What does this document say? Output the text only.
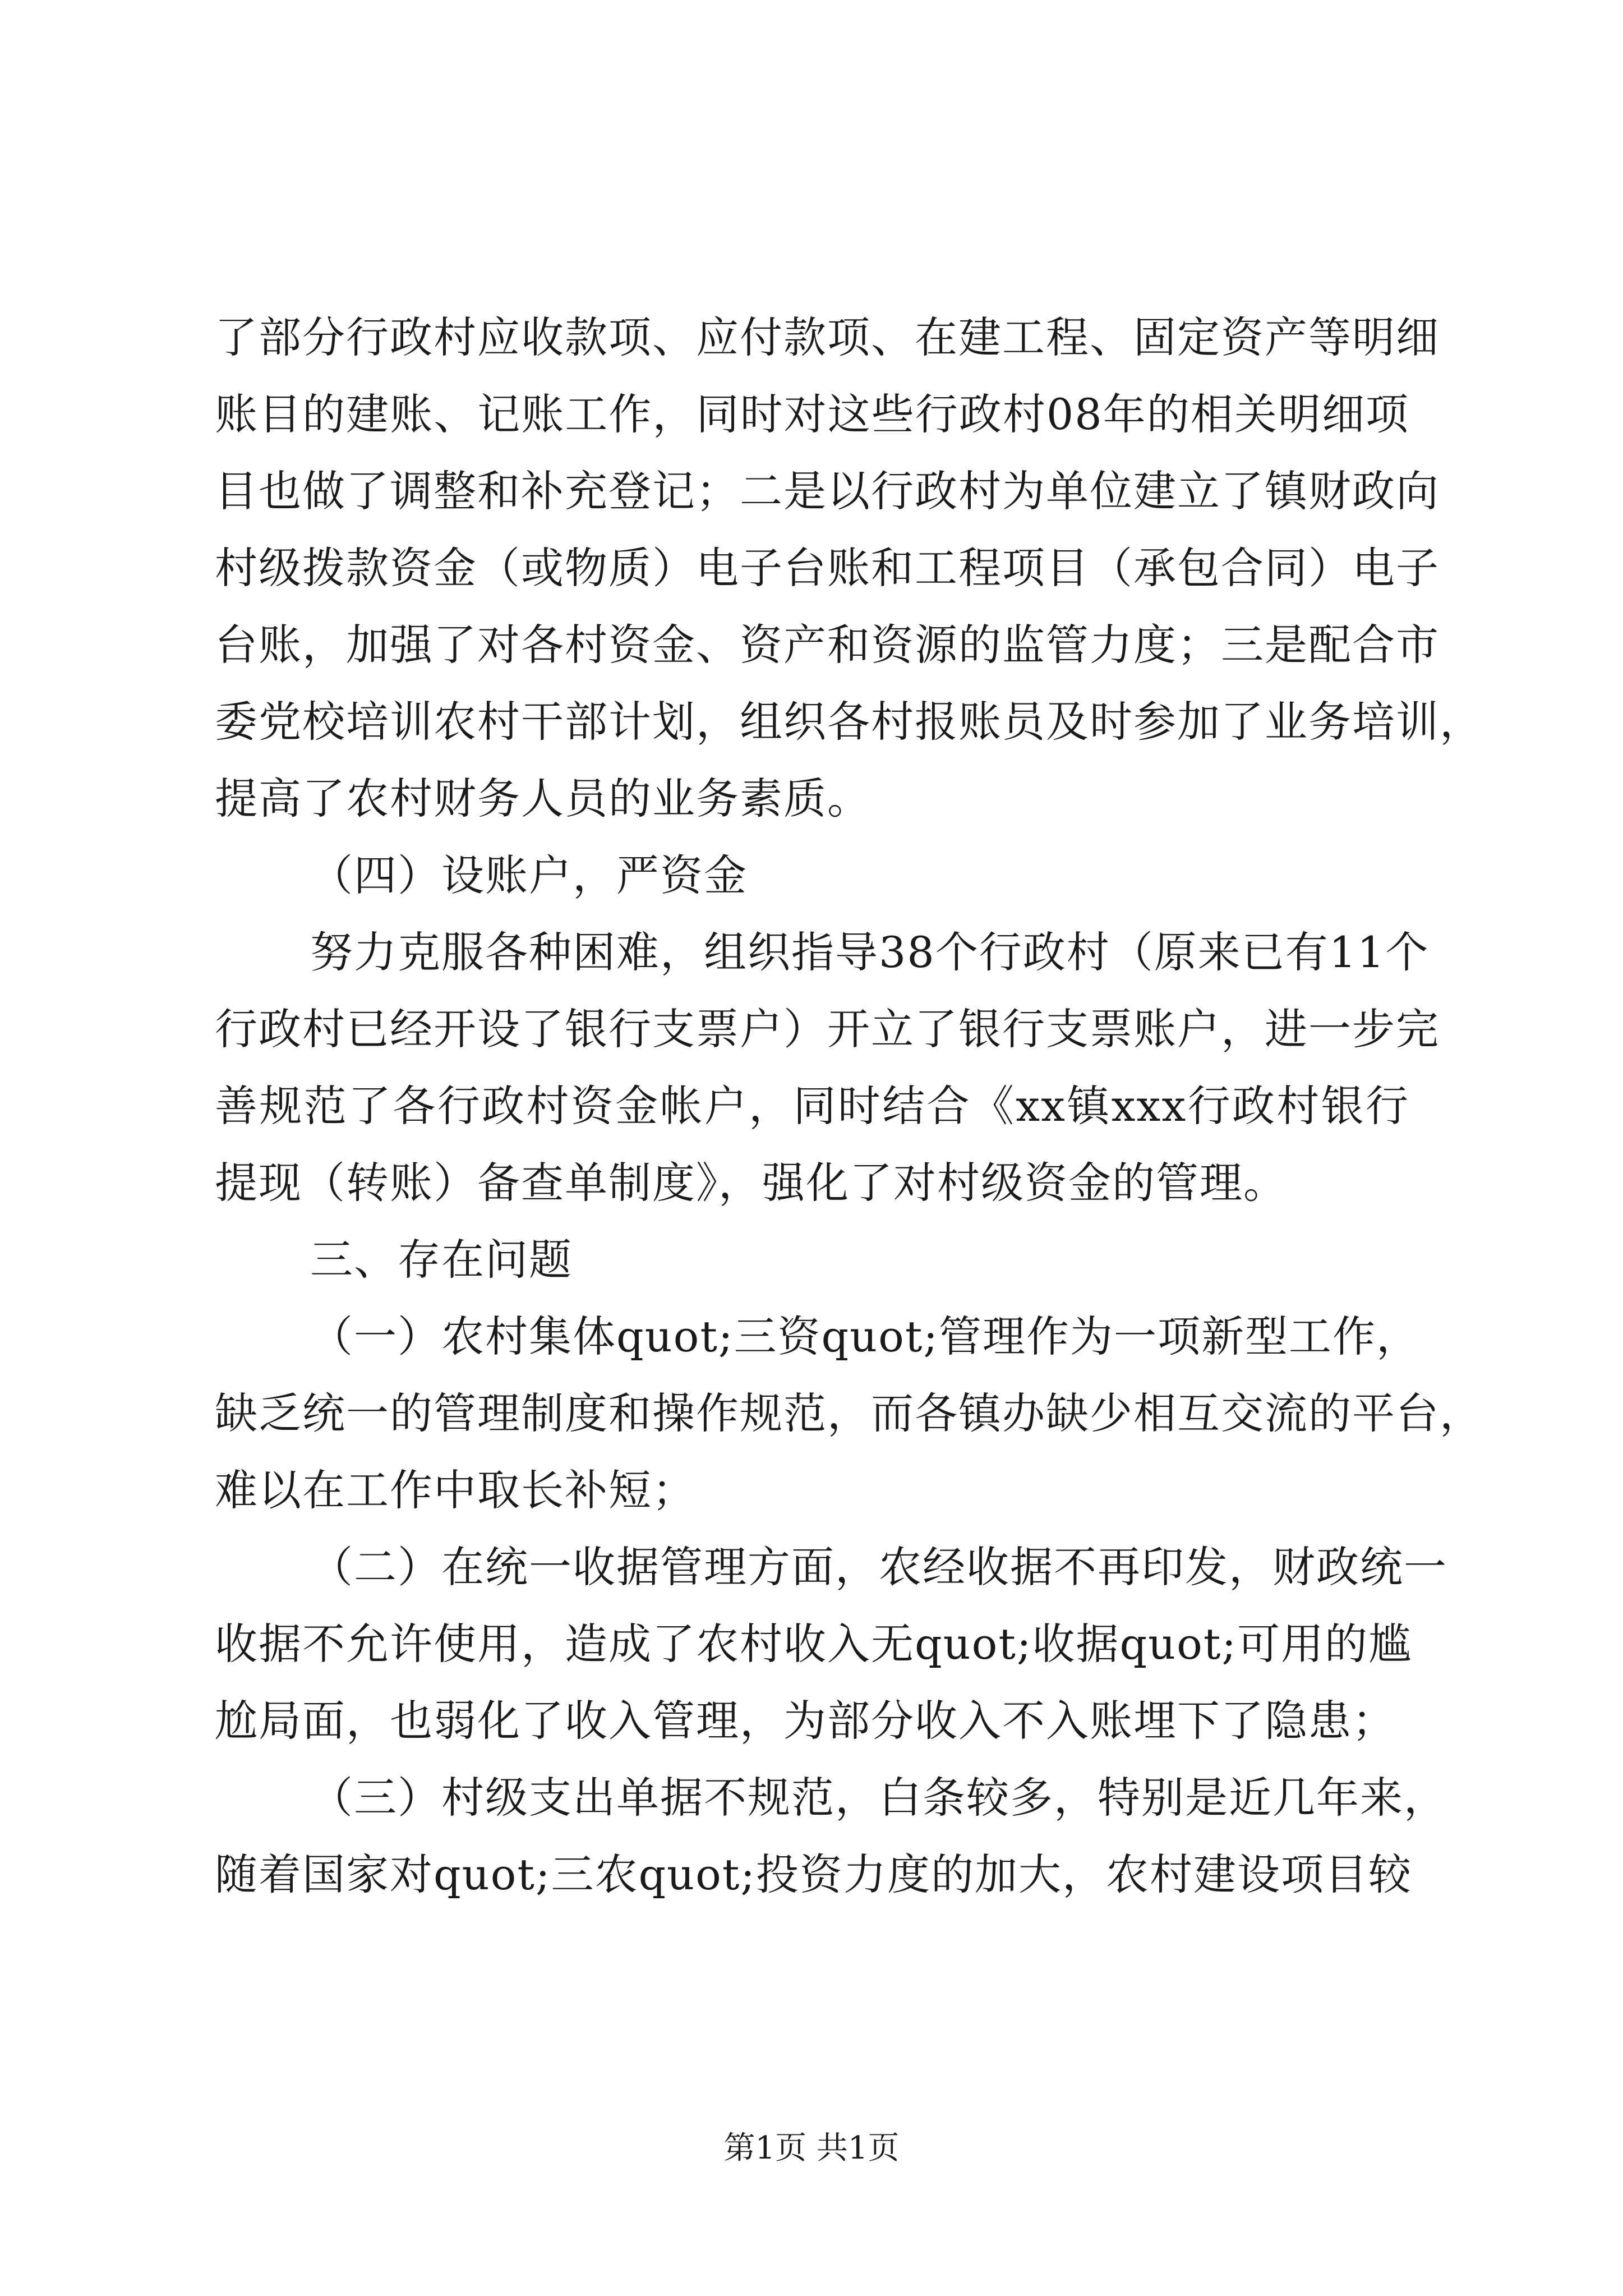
了部分行政村应收款项、应付款项、在建工程、固定资产等明细
账目的建账、记账工作，同时对这些行政村08年的相关明细项
目也做了调整和补充登记；二是以行政村为单位建立了镇财政向
村级拨款资金（或物质）电子台账和工程项目（承包合同）电子
台账，加强了对各村资金、资产和资源的监管力度；三是配合市
委党校培训农村干部计划，组织各村报账员及时参加了业务培训，
提高了农村财务人员的业务素质。
（四）设账户，严资金
努力克服各种困难，组织指导38个行政村（原来已有11个
行政村已经开设了银行支票户）开立了银行支票账户，进一步完
善规范了各行政村资金帐户，同时结合《xx镇xxx行政村银行
提现（转账）备查单制度》，强化了对村级资金的管理。
三、存在问题
（一）农村集体quot;三资quot;管理作为一项新型工作，
缺乏统一的管理制度和操作规范，而各镇办缺少相互交流的平台，
难以在工作中取长补短；
（二）在统一收据管理方面，农经收据不再印发，财政统一
收据不允许使用，造成了农村收入无quot;收据quot;可用的尴
尬局面，也弱化了收入管理，为部分收入不入账埋下了隐患；
（三）村级支出单据不规范，白条较多，特别是近几年来，
随着国家对quot;三农quot;投资力度的加大，农村建设项目较
第1页 共1页
